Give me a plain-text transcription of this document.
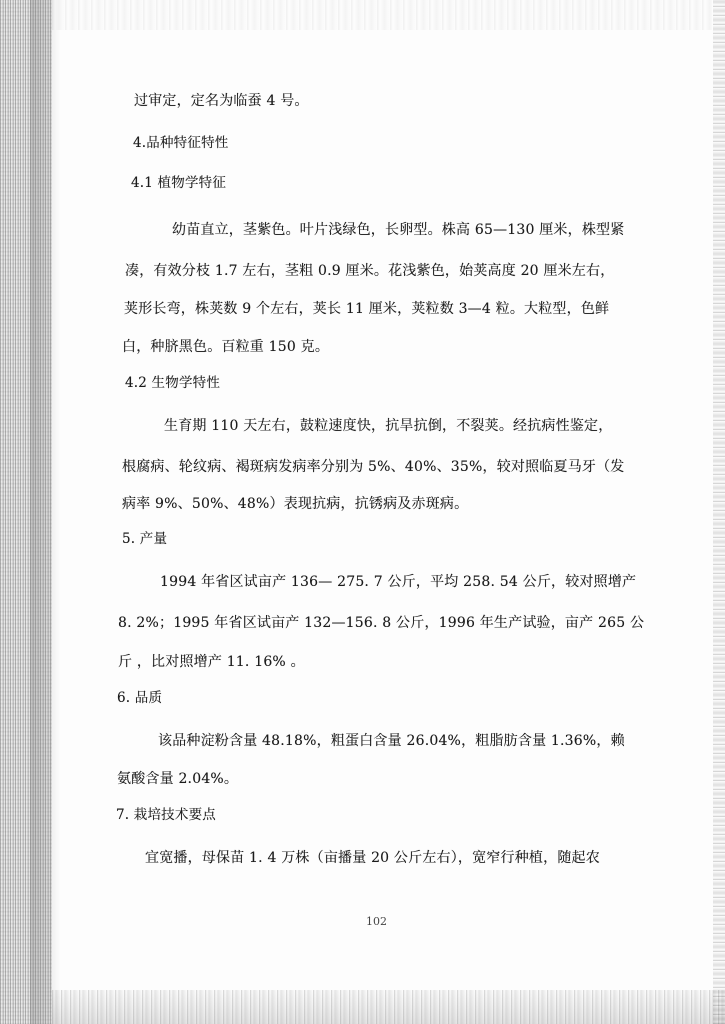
过审定，定名为临蚕 4 号。
4.品种特征特性
4.1 植物学特征
幼苗直立，茎紫色。叶片浅绿色，长卵型。株高 65—130 厘米，株型紧
凑，有效分枝 1.7 左右，茎粗 0.9 厘米。花浅紫色，始荚高度 20 厘米左右，
荚形长弯，株荚数 9 个左右，荚长 11 厘米，荚粒数 3—4 粒。大粒型，色鲜
白，种脐黑色。百粒重 150 克。
4.2 生物学特性
生育期 110 天左右，鼓粒速度快，抗旱抗倒，不裂荚。经抗病性鉴定，
根腐病、轮纹病、褐斑病发病率分别为 5%、40%、35%，较对照临夏马牙（发
病率 9%、50%、48%）表现抗病，抗锈病及赤斑病。
5. 产量
1994 年省区试亩产 136— 275. 7 公斤，平均 258. 54 公斤，较对照增产
8. 2%；1995 年省区试亩产 132—156. 8 公斤，1996 年生产试验，亩产 265 公
斤 ，比对照增产 11. 16% 。
6. 品质
该品种淀粉含量 48.18%，粗蛋白含量 26.04%，粗脂肪含量 1.36%，赖
氨酸含量 2.04%。
7. 栽培技术要点
宜宽播，母保苗 1. 4 万株（亩播量 20 公斤左右），宽窄行种植，随起农
102
